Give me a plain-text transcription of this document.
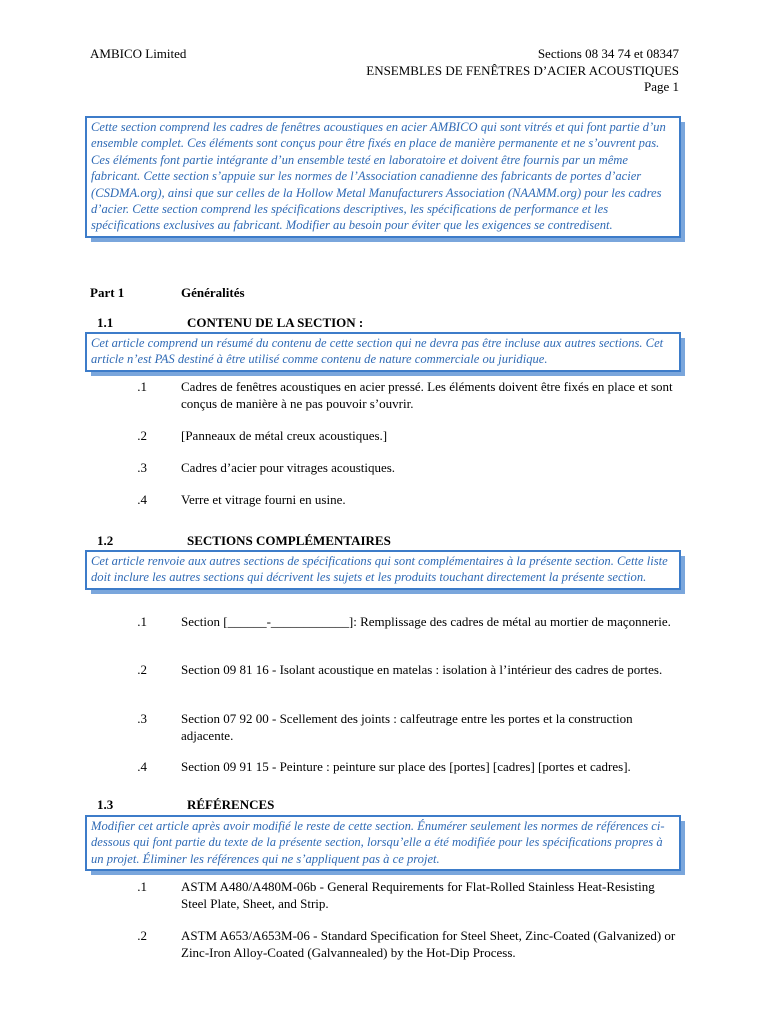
AMBICO Limited	Sections 08 34 74 et 08347
ENSEMBLES DE FENÊTRES D’ACIER ACOUSTIQUES
Page 1
Cette section comprend les cadres de fenêtres acoustiques en acier AMBICO qui sont vitrés et qui font partie d’un ensemble complet. Ces éléments sont conçus pour être fixés en place de manière permanente et ne s’ouvrent pas. Ces éléments font partie intégrante d’un ensemble testé en laboratoire et doivent être fournis par un même fabricant. Cette section s’appuie sur les normes de l’Association canadienne des fabricants de portes d’acier (CSDMA.org), ainsi que sur celles de la Hollow Metal Manufacturers Association (NAAMM.org) pour les cadres d’acier. Cette section comprend les spécifications descriptives, les spécifications de performance et les spécifications exclusives au fabricant. Modifier au besoin pour éviter que les exigences se contredisent.
Part 1	Généralités
1.1	CONTENU DE LA SECTION :
Cet article comprend un résumé du contenu de cette section qui ne devra pas être incluse aux autres sections. Cet article n’est PAS destiné à être utilisé comme contenu de nature commerciale ou juridique.
.1	Cadres de fenêtres acoustiques en acier pressé. Les éléments doivent être fixés en place et sont conçus de manière à ne pas pouvoir s’ouvrir.
.2	[Panneaux de métal creux acoustiques.]
.3	Cadres d’acier pour vitrages acoustiques.
.4	Verre et vitrage fourni en usine.
1.2	SECTIONS COMPLÉMENTAIRES
Cet article renvoie aux autres sections de spécifications qui sont complémentaires à la présente section. Cette liste doit inclure les autres sections qui décrivent les sujets et les produits touchant directement la présente section.
.1	Section [______-____________]: Remplissage des cadres de métal au mortier de maçonnerie.
.2	Section 09 81 16 - Isolant acoustique en matelas : isolation à l’intérieur des cadres de portes.
.3	Section 07 92 00 - Scellement des joints : calfeutrage entre les portes et la construction adjacente.
.4	Section 09 91 15 - Peinture : peinture sur place des [portes] [cadres] [portes et cadres].
1.3	RÉFÉRENCES
Modifier cet article après avoir modifié le reste de cette section. Énumérer seulement les normes de références ci-dessous qui font partie du texte de la présente section, lorsqu’elle a été modifiée pour les spécifications propres à un projet. Éliminer les références qui ne s’appliquent pas à ce projet.
.1	ASTM A480/A480M-06b - General Requirements for Flat-Rolled Stainless Heat-Resisting Steel Plate, Sheet, and Strip.
.2	ASTM A653/A653M-06 - Standard Specification for Steel Sheet, Zinc-Coated (Galvanized) or Zinc-Iron Alloy-Coated (Galvannealed) by the Hot-Dip Process.
